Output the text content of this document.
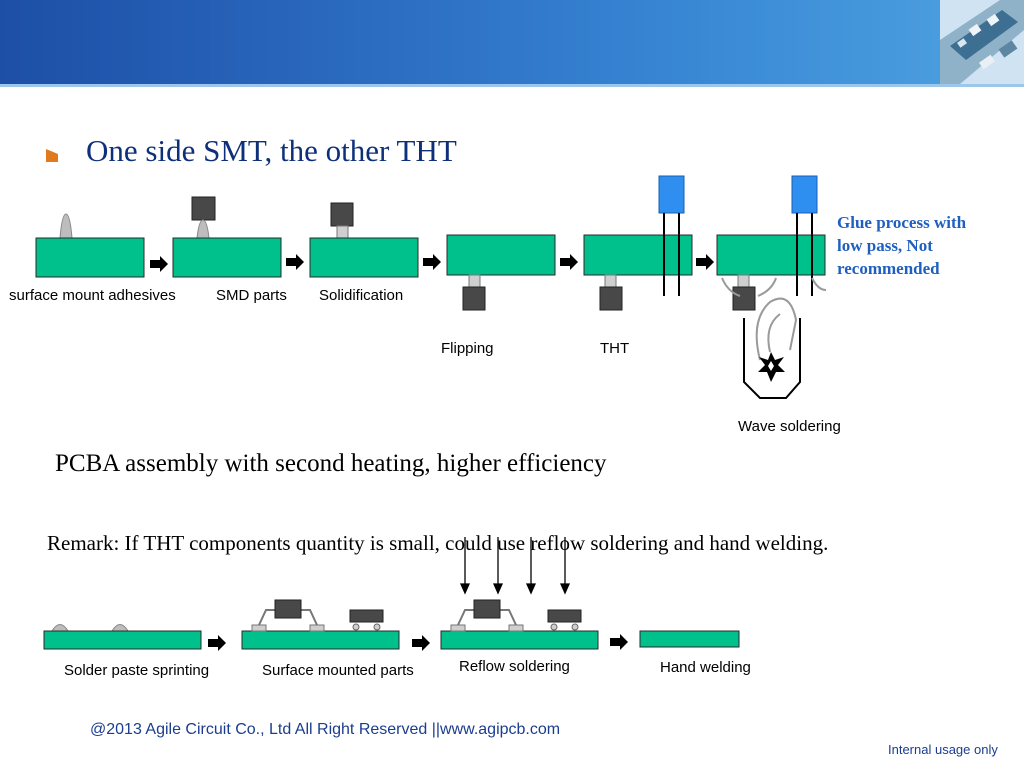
One side SMT, the other THT
surface mount adhesives	SMD parts Solidification
Flipping	THT
Wave soldering
Glue process with
low pass, Not
recommended
PCBA assembly with second heating, higher efficiency
Remark: If THT components quantity is small, could use reflow soldering and hand welding.
Solder paste sprinting	Surface mounted parts	Reflow soldering	Hand welding
@2013 Agile Circuit Co., Ltd All Right Reserved ||www.agipcb.com
Internal usage only
